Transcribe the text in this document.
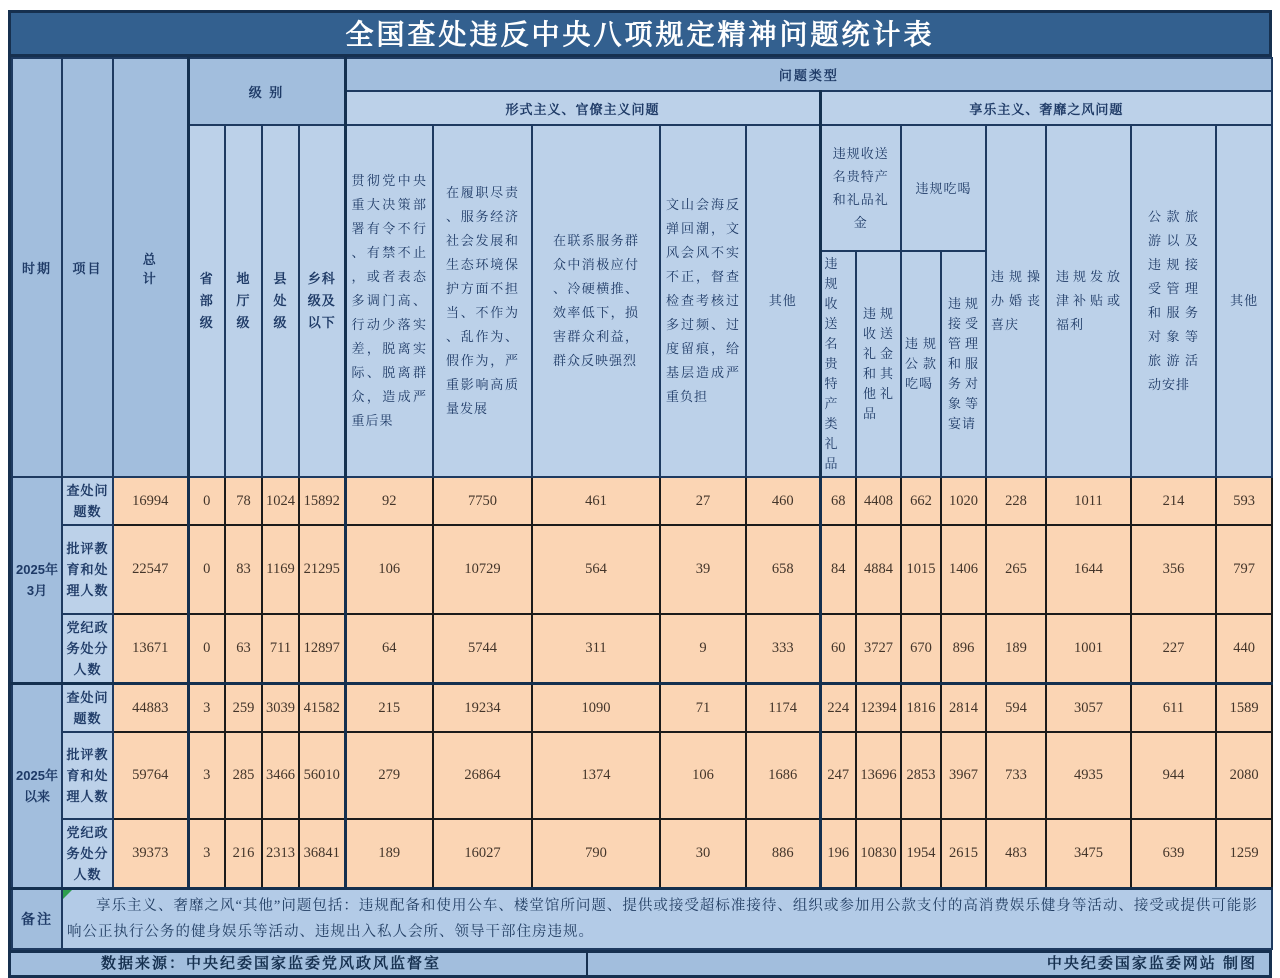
全国查处违反中央八项规定精神问题统计表
时期	项目	总计	级 别				问题类型												
							形式主义、官僚主义问题					享乐主义、奢靡之风问题							
			省部级	地厅级	县处级	乡科级及以下	贯彻党中央重大决策部署有令不行、有禁不止，或者表态多调门高、行动少落实差，脱离实际、脱离群众，造成严重后果	在履职尽责、服务经济社会发展和生态环境保护方面不担当、不作为、乱作为、假作为，严重影响高质量发展	在联系服务群众中消极应付、冷硬横推、效率低下，损害群众利益，群众反映强烈	文山会海反弹回潮，文风会风不实不正，督查检查考核过多过频、过度留痕，给基层造成严重负担	其他	违规收送名贵特产和礼品礼金		违规吃喝		违规操办婚丧喜庆	违规发放津补贴或福利	公款旅游以及违规接受管理和服务对象等旅游活动安排	其他
												违规收送名贵特产类礼品	违规收送礼金和其他礼品	违规公款吃喝	违规接受管理和服务对象等宴请				
2025年3月	查处问题数	16994	0	78	1024	15892	92	7750	461	27	460	68	4408	662	1020	228	1011	214	593
	批评教育和处理人数	22547	0	83	1169	21295	106	10729	564	39	658	84	4884	1015	1406	265	1644	356	797
	党纪政务处分人数	13671	0	63	711	12897	64	5744	311	9	333	60	3727	670	896	189	1001	227	440
2025年以来	查处问题数	44883	3	259	3039	41582	215	19234	1090	71	1174	224	12394	1816	2814	594	3057	611	1589
	批评教育和处理人数	59764	3	285	3466	56010	279	26864	1374	106	1686	247	13696	2853	3967	733	4935	944	2080
	党纪政务处分人数	39373	3	216	2313	36841	189	16027	790	30	886	196	10830	1954	2615	483	3475	639	1259
备注	享乐主义、奢靡之风“其他”问题包括：违规配备和使用公车、楼堂馆所问题、提供或接受超标准接待、组织或参加用公款支付的高消费娱乐健身等活动、接受或提供可能影响公正执行公务的健身娱乐等活动、违规出入私人会所、领导干部住房违规。																		
数据来源：中央纪委国家监委党风政风监督室	中央纪委国家监委网站 制图
